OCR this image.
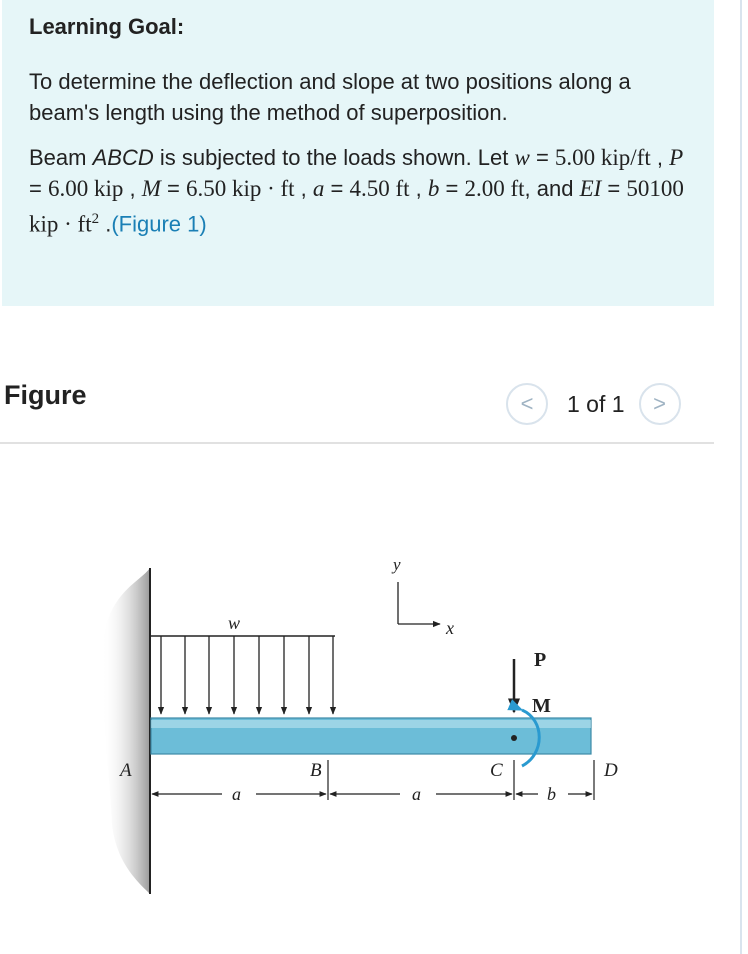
Learning Goal:

To determine the deflection and slope at two positions along a beam's length using the method of superposition.

Beam ABCD is subjected to the loads shown. Let w = 5.00 kip/ft , P = 6.00 kip , M = 6.50 kip · ft , a = 4.50 ft , b = 2.00 ft, and EI = 50100 kip · $ft^2$ .(Figure 1)

Figure	< 1 of 1 >
w
y
x
P
M
A	B	C	D
a	a	b
